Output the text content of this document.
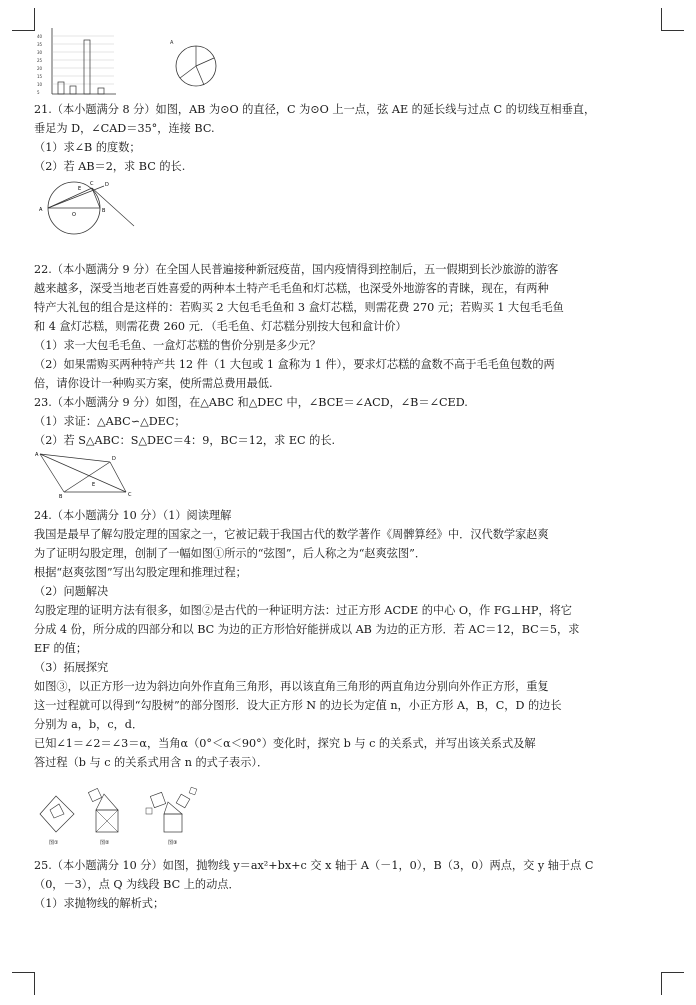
40
35
30
25
20
15
10
5
A
21.（本小题满分 8 分）如图，AB 为⊙O 的直径，C 为⊙O 上一点，弦 AE 的延长线与过点 C 的切线互相垂直，
垂足为 D，∠CAD＝35°，连接 BC.
（1）求∠B 的度数；
（2）若 AB＝2，求 BC 的长.
A	B
C D
E
O
22.（本小题满分 9 分）在全国人民普遍接种新冠疫苗，国内疫情得到控制后，五一假期到长沙旅游的游客
越来越多，深受当地老百姓喜爱的两种本土特产毛毛鱼和灯芯糕，也深受外地游客的青睐，现在，有两种
特产大礼包的组合是这样的：若购买 2 大包毛毛鱼和 3 盒灯芯糕，则需花费 270 元；若购买 1 大包毛毛鱼
和 4 盒灯芯糕，则需花费 260 元．（毛毛鱼、灯芯糕分别按大包和盒计价）
（1）求一大包毛毛鱼、一盒灯芯糕的售价分别是多少元？
（2）如果需购买两种特产共 12 件（1 大包或 1 盒称为 1 件），要求灯芯糕的盒数不高于毛毛鱼包数的两
倍，请你设计一种购买方案，使所需总费用最低.
23.（本小题满分 9 分）如图，在△ABC 和△DEC 中，∠BCE＝∠ACD，∠B＝∠CED.
（1）求证：△ABC∽△DEC；
（2）若 S△ABC：S△DEC＝4：9，BC＝12，求 EC 的长.
A
B	C
D
E
24.（本小题满分 10 分）（1）阅读理解
我国是最早了解勾股定理的国家之一，它被记载于我国古代的数学著作《周髀算经》中．汉代数学家赵爽
为了证明勾股定理，创制了一幅如图①所示的“弦图”，后人称之为“赵爽弦图”．
根据“赵爽弦图”写出勾股定理和推理过程；
（2）问题解决
勾股定理的证明方法有很多，如图②是古代的一种证明方法：过正方形 ACDE 的中心 O，作 FG⊥HP，将它
分成 4 份，所分成的四部分和以 BC 为边的正方形恰好能拼成以 AB 为边的正方形．若 AC＝12，BC＝5，求
EF 的值；
（3）拓展探究
如图③，以正方形一边为斜边向外作直角三角形，再以该直角三角形的两直角边分别向外作正方形，重复
这一过程就可以得到“勾股树”的部分图形．设大正方形 N 的边长为定值 n，小正方形 A，B，C，D 的边长
分别为 a，b，c，d．
已知∠1＝∠2＝∠3＝α，当角α（0°＜α＜90°）变化时，探究 b 与 c 的关系式，并写出该关系式及解
答过程（b 与 c 的关系式用含 n 的式子表示）．
图①	图②	图③
25.（本小题满分 10 分）如图，抛物线 y＝ax²+bx+c 交 x 轴于 A（－1，0），B（3，0）两点，交 y 轴于点 C
（0，－3），点 Q 为线段 BC 上的动点．
（1）求抛物线的解析式；
